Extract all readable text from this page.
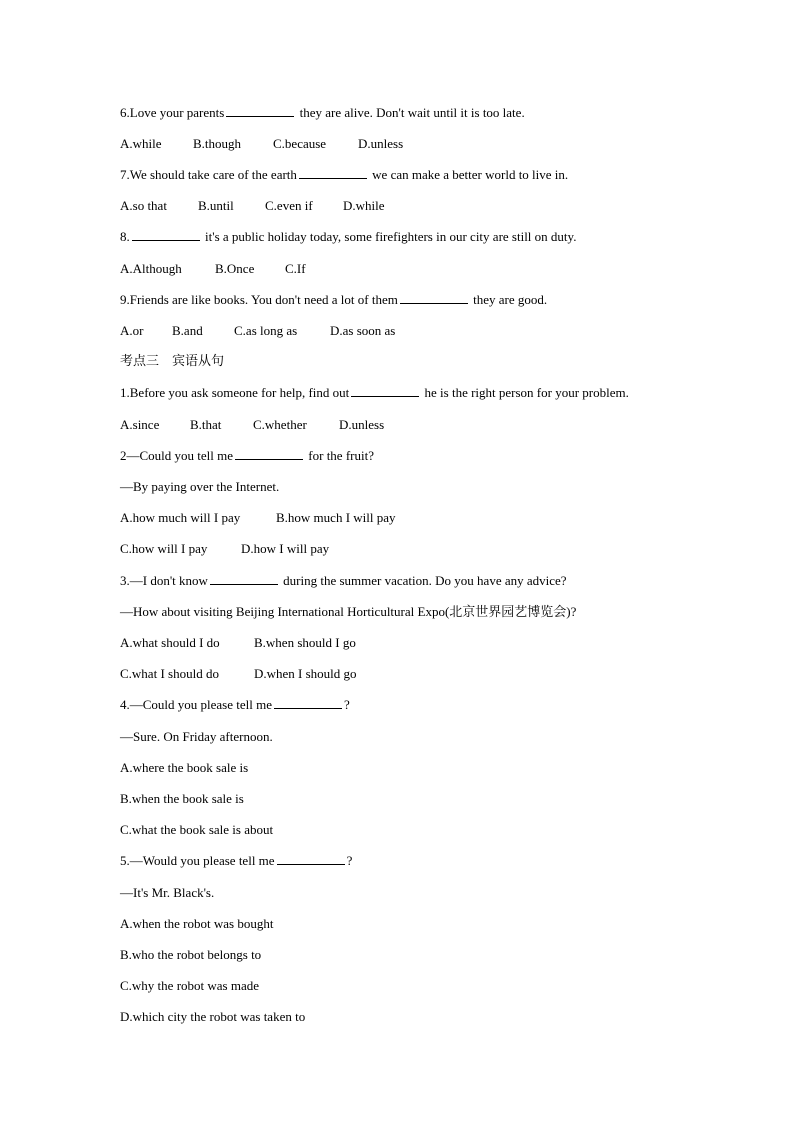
6.Love your parents	they are alive. Don't wait until it is too late.
A.while B.though C.because D.unless
7.We should take care of the earth	we can make a better world to live in.
A.so that B.until C.even if D.while
8.	it's a public holiday today, some firefighters in our city are still on duty.
A.Although	B.Once C.If
9.Friends are like books. You don't need a lot of them	they are good.
A.or B.and C.as long as	D.as soon as
考点三　宾语从句
1.Before you ask someone for help, find out	he is the right person for your problem.
A.since B.that C.whether D.unless
2—Could you tell me	for the fruit?
—By paying over the Internet.
A.how much will I pay	B.how much I will pay
C.how will I pay	D.how I will pay
3.—I don't know	during the summer vacation. Do you have any advice?
—How about visiting Beijing International Horticultural Expo(北京世界园艺博览会)?
A.what should I do	B.when should I go
C.what I should do	D.when I should go
4.—Could you please tell me	?
—Sure. On Friday afternoon.
A.where the book sale is
B.when the book sale is
C.what the book sale is about
5.—Would you please tell me	?
—It's Mr. Black's.
A.when the robot was bought
B.who the robot belongs to
C.why the robot was made
D.which city the robot was taken to
